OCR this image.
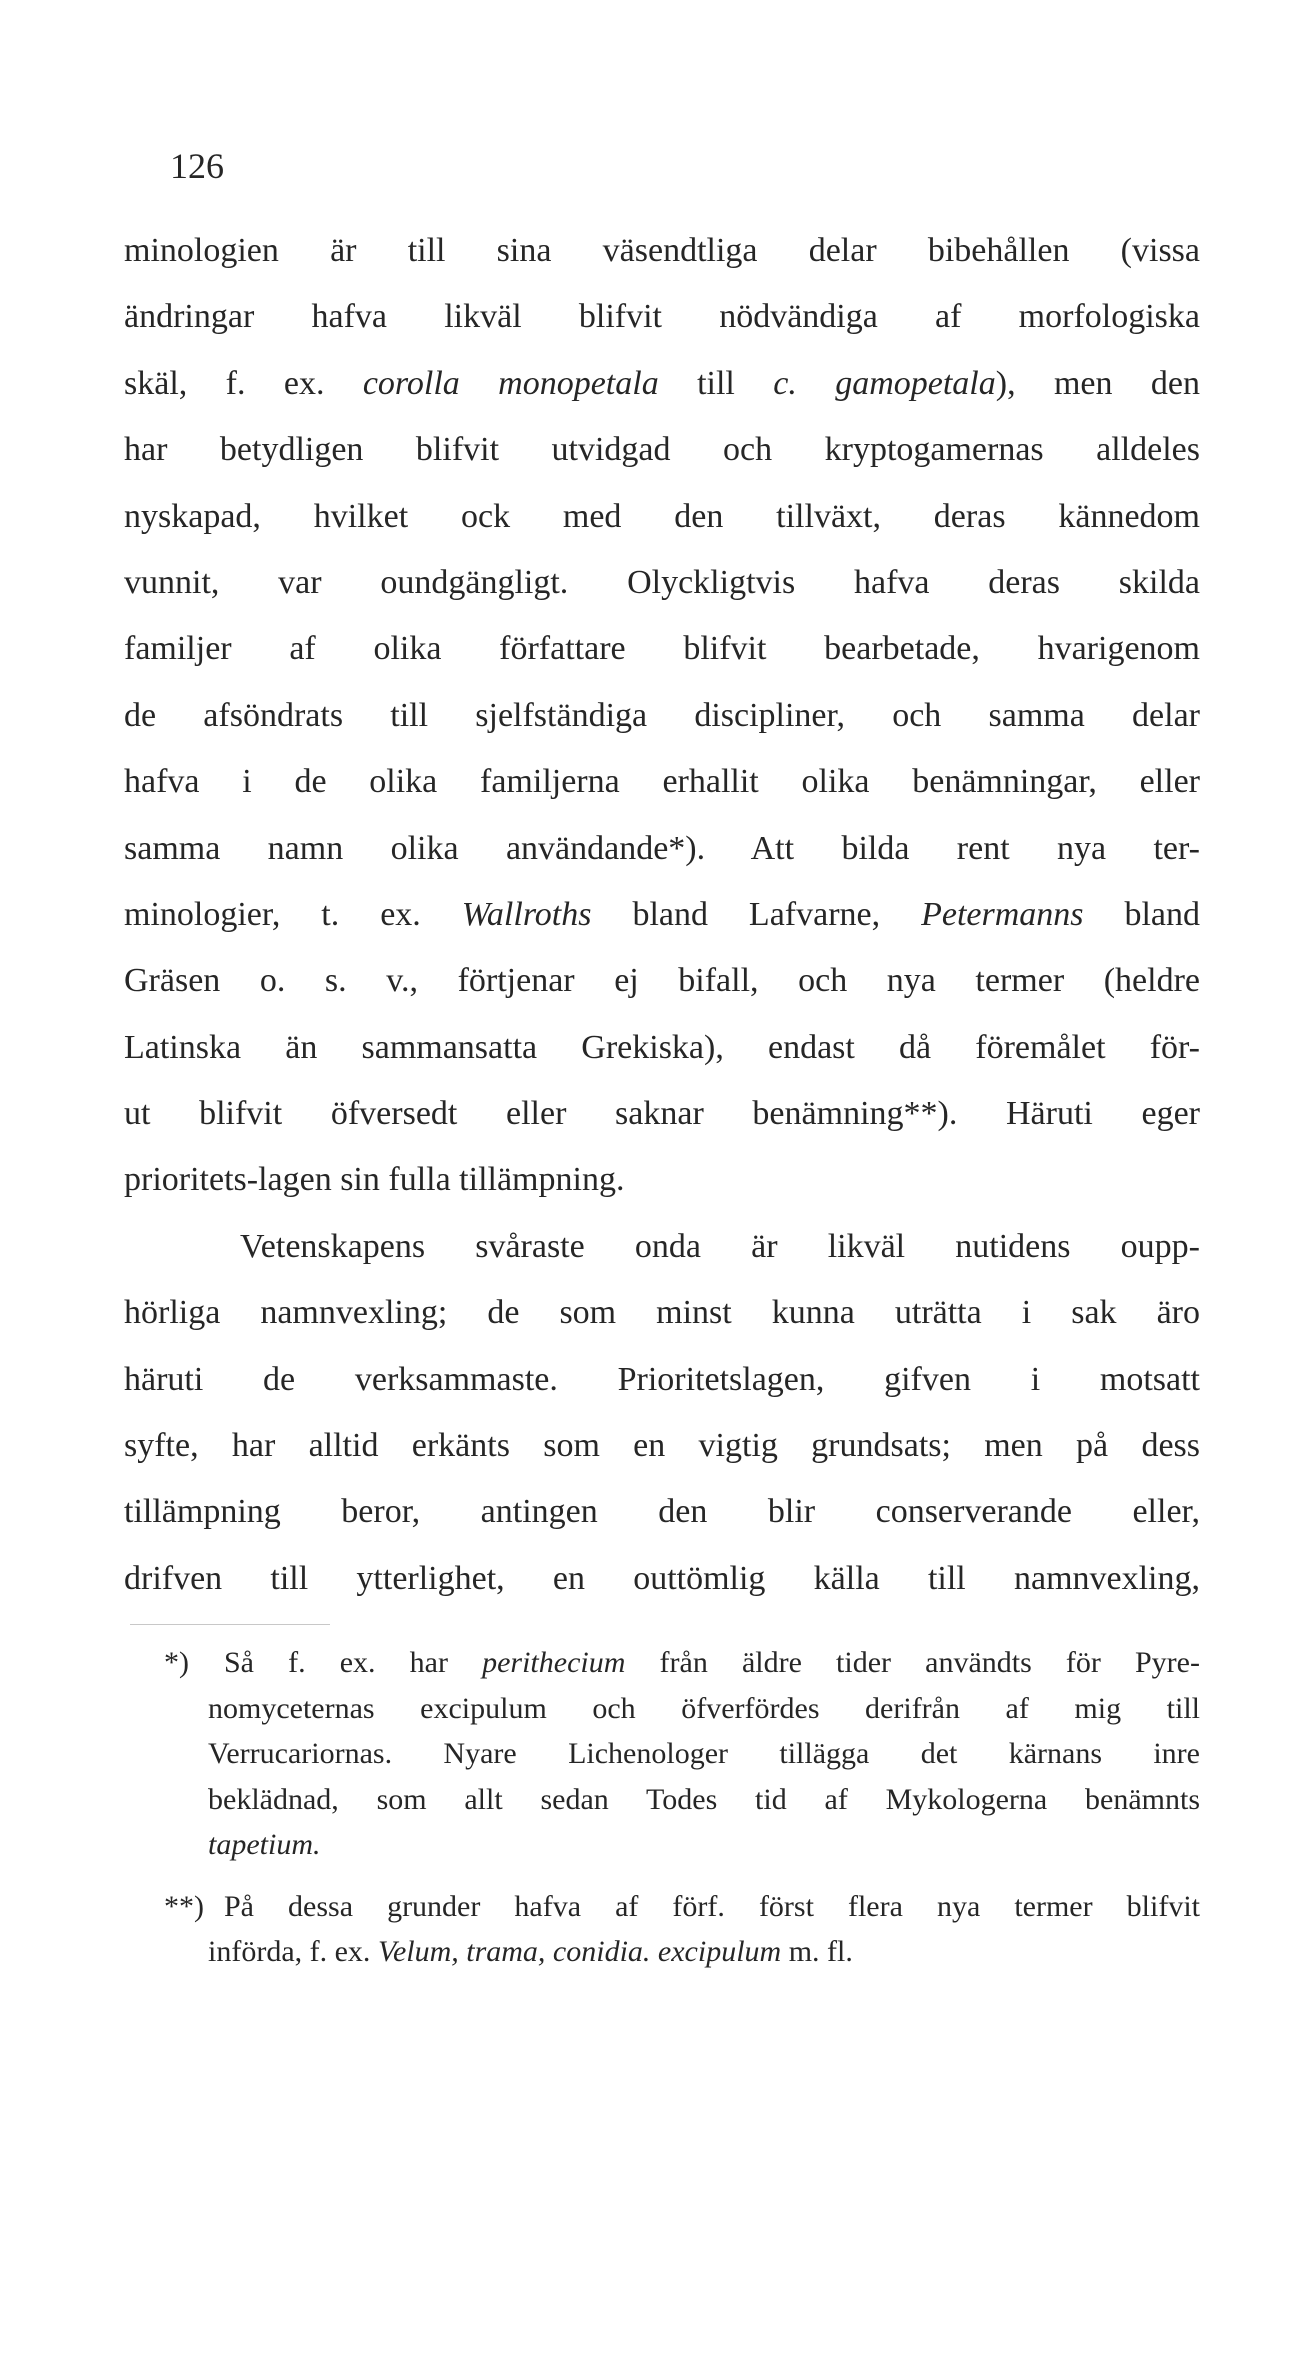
126
minologien är till sina väsendtliga delar bibehållen (vissa
ändringar hafva likväl blifvit nödvändiga af morfologiska
skäl, f. ex. corolla monopetala till c. gamopetala), men den
har betydligen blifvit utvidgad och kryptogamernas alldeles
nyskapad, hvilket ock med den tillväxt, deras kännedom
vunnit, var oundgängligt. Olyckligtvis hafva deras skilda
familjer af olika författare blifvit bearbetade, hvarigenom
de afsöndrats till sjelfständiga discipliner, och samma delar
hafva i de olika familjerna erhallit olika benämningar, eller
samma namn olika användande*). Att bilda rent nya ter-
minologier, t. ex. Wallroths bland Lafvarne, Petermanns bland
Gräsen o. s. v., förtjenar ej bifall, och nya termer (heldre
Latinska än sammansatta Grekiska), endast då föremålet för-
ut blifvit öfversedt eller saknar benämning**). Häruti eger
prioritets-lagen sin fulla tillämpning.
Vetenskapens svåraste onda är likväl nutidens oupp-
hörliga namnvexling; de som minst kunna uträtta i sak äro
häruti de verksammaste. Prioritetslagen, gifven i motsatt
syfte, har alltid erkänts som en vigtig grundsats; men på dess
tillämpning beror, antingen den blir conserverande eller,
drifven till ytterlighet, en outtömlig källa till namnvexling,
*) Så f. ex. har perithecium från äldre tider användts för Pyre-
nomyceternas excipulum och öfverfördes derifrån af mig till
Verrucariornas. Nyare Lichenologer tillägga det kärnans inre
beklädnad, som allt sedan Todes tid af Mykologerna benämnts
tapetium.
**) På dessa grunder hafva af förf. först flera nya termer blifvit
införda, f. ex. Velum, trama, conidia. excipulum m. fl.
